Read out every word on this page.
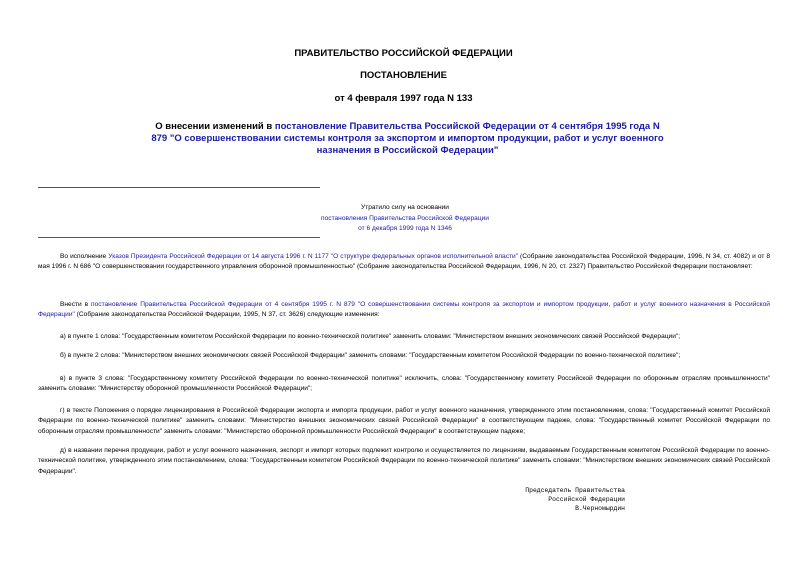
ПРАВИТЕЛЬСТВО РОССИЙСКОЙ ФЕДЕРАЦИИ
ПОСТАНОВЛЕНИЕ
от 4 февраля 1997 года N 133
О внесении изменений в постановление Правительства Российской Федерации от 4 сентября 1995 года N 879 "О совершенствовании системы контроля за экспортом и импортом продукции, работ и услуг военного назначения в Российской Федерации"
Утратило силу на основании
постановления Правительства Российской Федерации
от 6 декабря 1999 года N 1346
Во исполнение Указов Президента Российской Федерации от 14 августа 1996 г. N 1177 "О структуре федеральных органов исполнительной власти" (Собрание законодательства Российской Федерации, 1996, N 34, ст. 4082) и от 8 мая 1996 г. N 686 "О совершенствовании государственного управления оборонной промышленностью" (Собрание законодательства Российской Федерации, 1996, N 20, ст. 2327) Правительство Российской Федерации постановляет:
Внести в постановление Правительства Российской Федерации от 4 сентября 1995 г. N 879 "О совершенствовании системы контроля за экспортом и импортом продукции, работ и услуг военного назначения в Российской Федерации" (Собрание законодательства Российской Федерации, 1995, N 37, ст. 3626) следующие изменения:
а) в пункте 1 слова: "Государственным комитетом Российской Федерации по военно-технической политике" заменить словами: "Министерством внешних экономических связей Российской Федерации";
б) в пункте 2 слова: "Министерством внешних экономических связей Российской Федерации" заменить словами: "Государственным комитетом Российской Федерации по военно-технической политике";
в) в пункте 3 слова: "Государственному комитету Российской Федерации по военно-технической политике" исключить, слова: "Государственному комитету Российской Федерации по оборонным отраслям промышленности" заменить словами: "Министерству оборонной промышленности Российской Федерации";
г) в тексте Положения о порядке лицензирования в Российской Федерации экспорта и импорта продукции, работ и услуг военного назначения, утвержденного этим постановлением, слова: "Государственный комитет Российской Федерации по военно-технической политике" заменить словами: "Министерство внешних экономических связей Российской Федерации" в соответствующем падеже, слова: "Государственный комитет Российской Федерации по оборонным отраслям промышленности" заменить словами: "Министерство оборонной промышленности Российской Федерации" в соответствующем падеже;
д) в названии перечня продукции, работ и услуг военного назначения, экспорт и импорт которых подлежит контролю и осуществляется по лицензиям, выдаваемым Государственным комитетом Российской Федерации по военно-технической политике, утвержденного этим постановлением, слова: "Государственным комитетом Российской Федерации по военно-технической политике" заменить словами: "Министерством внешних экономических связей Российской Федерации".
Председатель Правительства
Российской Федерации
В.Черномырдин
